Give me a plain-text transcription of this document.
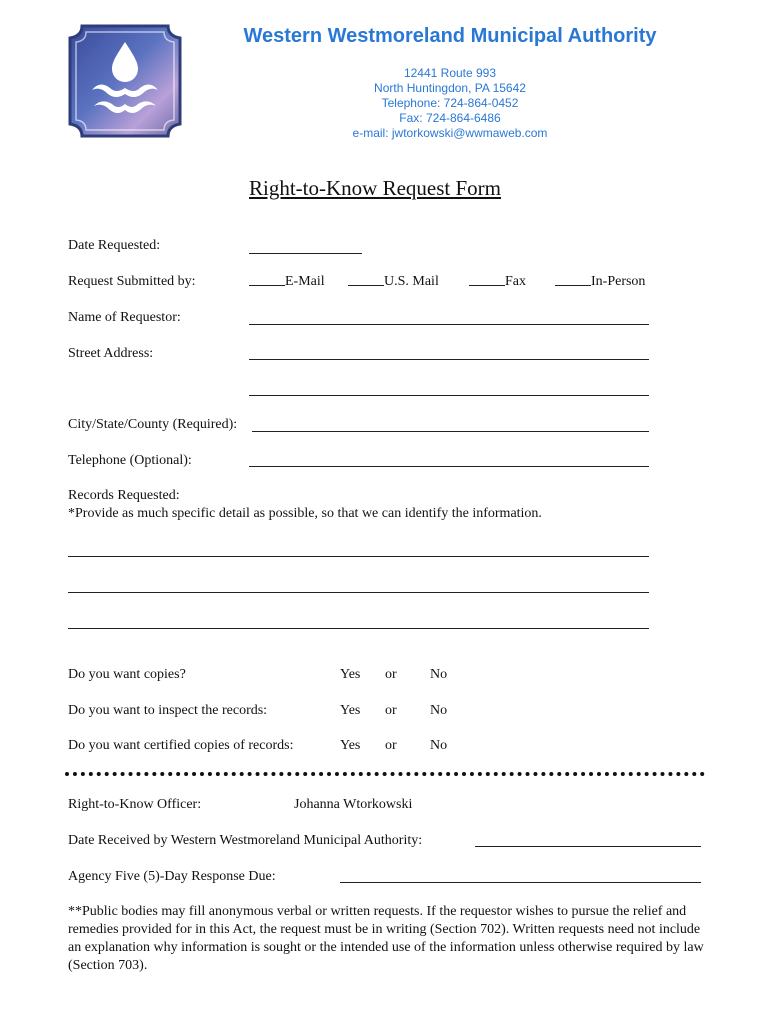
Western Westmoreland Municipal Authority
12441 Route 993
North Huntingdon, PA 15642
Telephone: 724-864-0452
Fax: 724-864-6486
e-mail: jwtorkowski@wwmaweb.com
Right-to-Know Request Form
Date Requested:
Request Submitted by:	E-Mail	U.S. Mail	Fax	In-Person
Name of Requestor:
Street Address:
City/State/County (Required):
Telephone (Optional):
Records Requested:
*Provide as much specific detail as possible, so that we can identify the information.
Do you want copies?	Yes or No
Do you want to inspect the records:	Yes or No
Do you want certified copies of records:	Yes or No
Right-to-Know Officer:	Johanna Wtorkowski
Date Received by Western Westmoreland Municipal Authority:
Agency Five (5)-Day Response Due:
**Public bodies may fill anonymous verbal or written requests. If the requestor wishes to pursue the relief and remedies provided for in this Act, the request must be in writing (Section 702). Written requests need not include an explanation why information is sought or the intended use of the information unless otherwise required by law (Section 703).
